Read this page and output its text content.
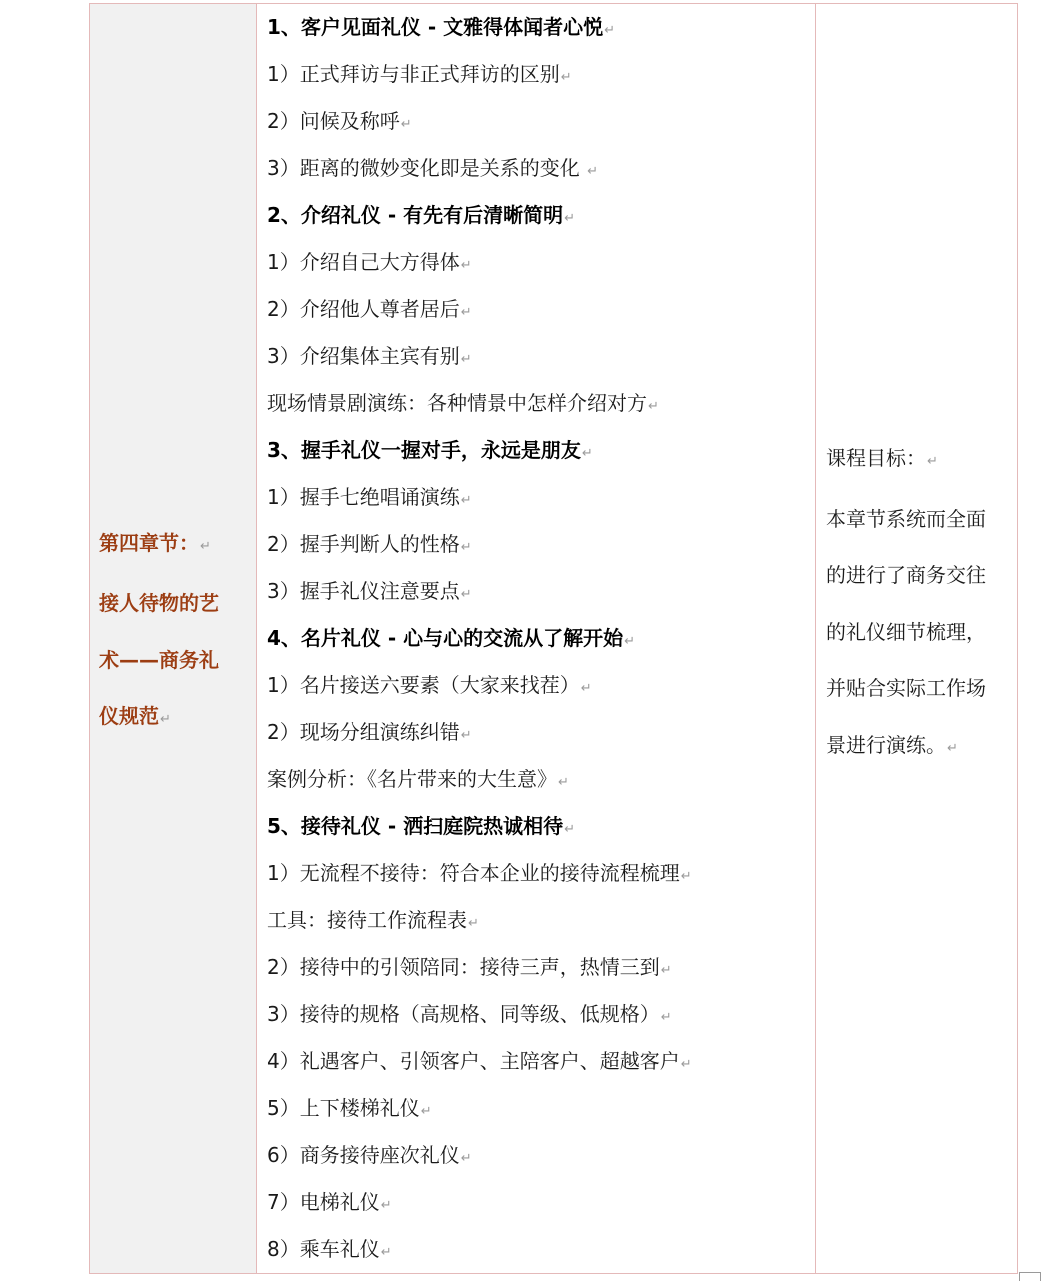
第四章节：↵
接人待物的艺
术——商务礼
仪规范↵

1、客户见面礼仪 - 文雅得体闻者心悦↵
1）正式拜访与非正式拜访的区别↵
2）问候及称呼↵
3）距离的微妙变化即是关系的变化 ↵
2、介绍礼仪 - 有先有后清晰简明↵
1）介绍自己大方得体↵
2）介绍他人尊者居后↵
3）介绍集体主宾有别↵
现场情景剧演练：各种情景中怎样介绍对方↵
3、握手礼仪一握对手，永远是朋友↵
1）握手七绝唱诵演练↵
2）握手判断人的性格↵
3）握手礼仪注意要点↵
4、名片礼仪 - 心与心的交流从了解开始↵
1）名片接送六要素（大家来找茬）↵
2）现场分组演练纠错↵
案例分析：《名片带来的大生意》↵
5、接待礼仪 - 洒扫庭院热诚相待↵
1）无流程不接待：符合本企业的接待流程梳理↵
工具：接待工作流程表↵
2）接待中的引领陪同：接待三声，热情三到↵
3）接待的规格（高规格、同等级、低规格）↵
4）礼遇客户、引领客户、主陪客户、超越客户↵
5）上下楼梯礼仪↵
6）商务接待座次礼仪↵
7）电梯礼仪↵
8）乘车礼仪↵

课程目标：↵
本章节系统而全面
的进行了商务交往
的礼仪细节梳理，
并贴合实际工作场
景进行演练。↵
